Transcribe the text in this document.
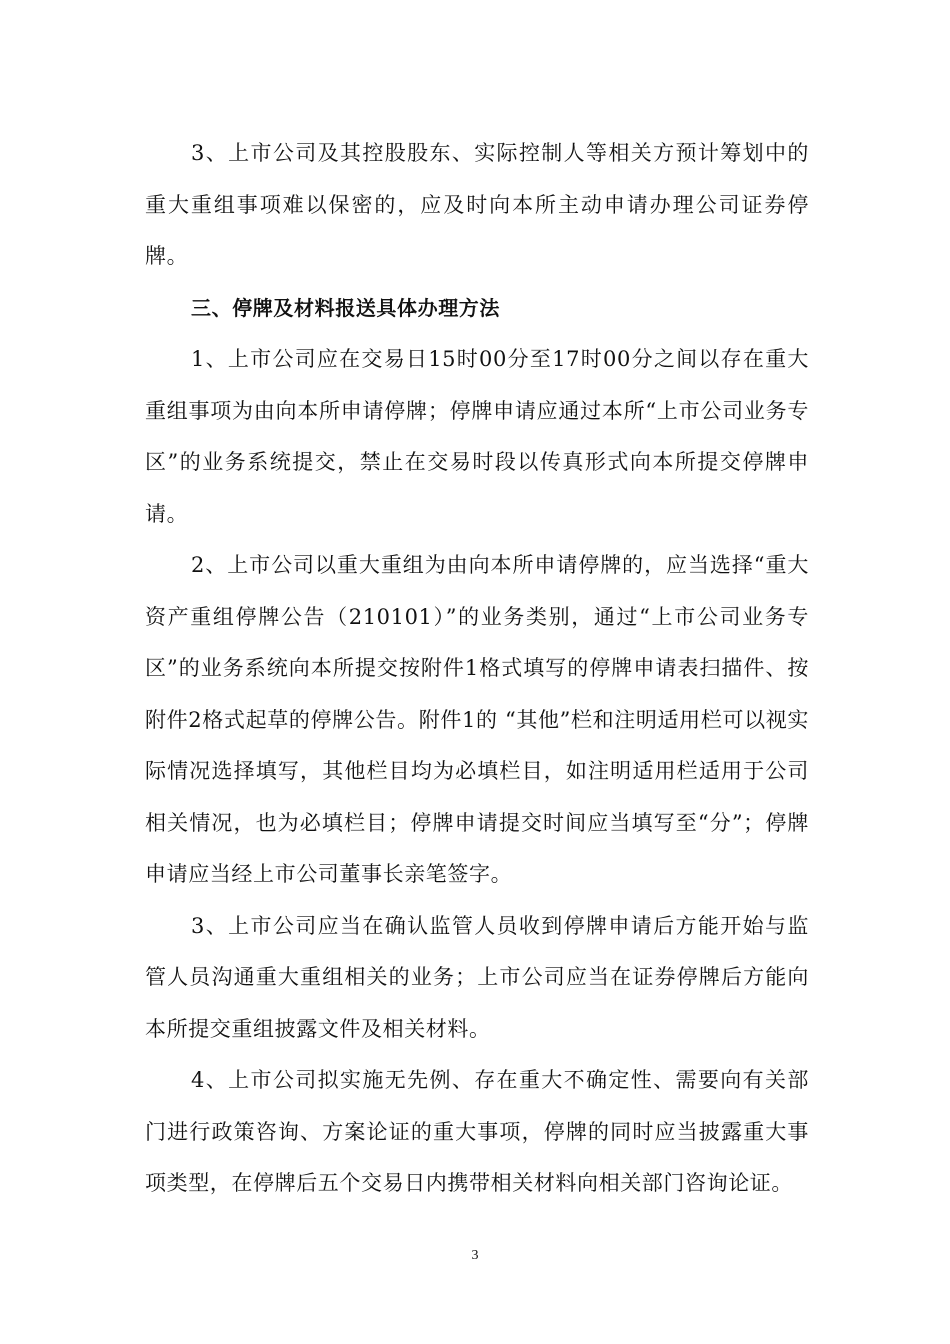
3、上市公司及其控股股东、实际控制人等相关方预计筹划中的重大重组事项难以保密的，应及时向本所主动申请办理公司证券停牌。

三、停牌及材料报送具体办理方法

1、上市公司应在交易日15时00分至17时00分之间以存在重大重组事项为由向本所申请停牌；停牌申请应通过本所“上市公司业务专区”的业务系统提交，禁止在交易时段以传真形式向本所提交停牌申请。

2、上市公司以重大重组为由向本所申请停牌的，应当选择“重大资产重组停牌公告（210101）”的业务类别，通过“上市公司业务专区”的业务系统向本所提交按附件1格式填写的停牌申请表扫描件、按附件2格式起草的停牌公告。附件1的 “其他”栏和注明适用栏可以视实际情况选择填写，其他栏目均为必填栏目，如注明适用栏适用于公司相关情况，也为必填栏目；停牌申请提交时间应当填写至“分”；停牌申请应当经上市公司董事长亲笔签字。

3、上市公司应当在确认监管人员收到停牌申请后方能开始与监管人员沟通重大重组相关的业务；上市公司应当在证券停牌后方能向本所提交重组披露文件及相关材料。

4、上市公司拟实施无先例、存在重大不确定性、需要向有关部门进行政策咨询、方案论证的重大事项，停牌的同时应当披露重大事项类型，在停牌后五个交易日内携带相关材料向相关部门咨询论证。

3
